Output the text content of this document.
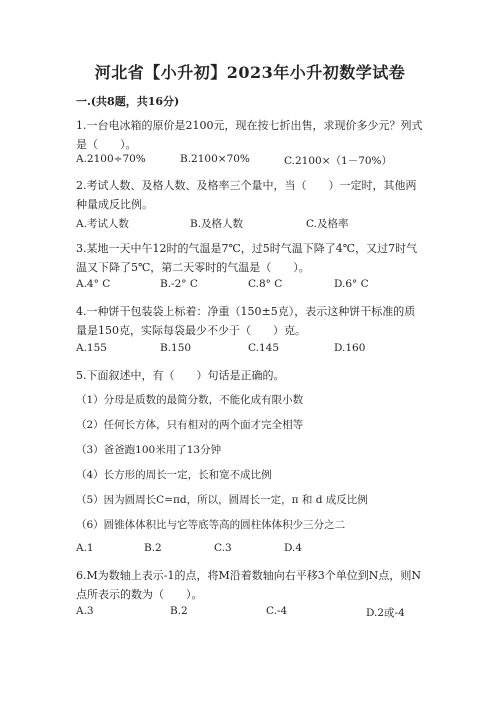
河北省【小升初】2023年小升初数学试卷
一.(共8题，共16分)
1.一台电冰箱的原价是2100元，现在按七折出售，求现价多少元？列式是（　　）。
A.2100÷70%	B.2100×70%	C.2100×（1－70%）
2.考试人数、及格人数、及格率三个量中，当（　　）一定时，其他两种量成反比例。
A.考试人数	B.及格人数	C.及格率
3.某地一天中午12时的气温是7℃，过5时气温下降了4℃，又过7时气温又下降了5℃，第二天零时的气温是（　　）。
A.4° C	B.-2° C	C.8° C	D.6° C
4.一种饼干包装袋上标着：净重（150±5克），表示这种饼干标准的质量是150克，实际每袋最少不少于（　　）克。
A.155	B.150	C.145	D.160
5.下面叙述中，有（　　）句话是正确的。
（1）分母是质数的最简分数，不能化成有限小数
（2）任何长方体，只有相对的两个面才完全相等
（3）爸爸跑100米用了13分钟
（4）长方形的周长一定，长和宽不成比例
（5）因为圆周长C=πd，所以，圆周长一定，π 和 d 成反比例
（6）圆锥体体积比与它等底等高的圆柱体体积少三分之二
A.1	B.2	C.3	D.4
6.M为数轴上表示-1的点，将M沿着数轴向右平移3个单位到N点，则N点所表示的数为（　　）。
A.3	B.2	C.-4	D.2或-4
